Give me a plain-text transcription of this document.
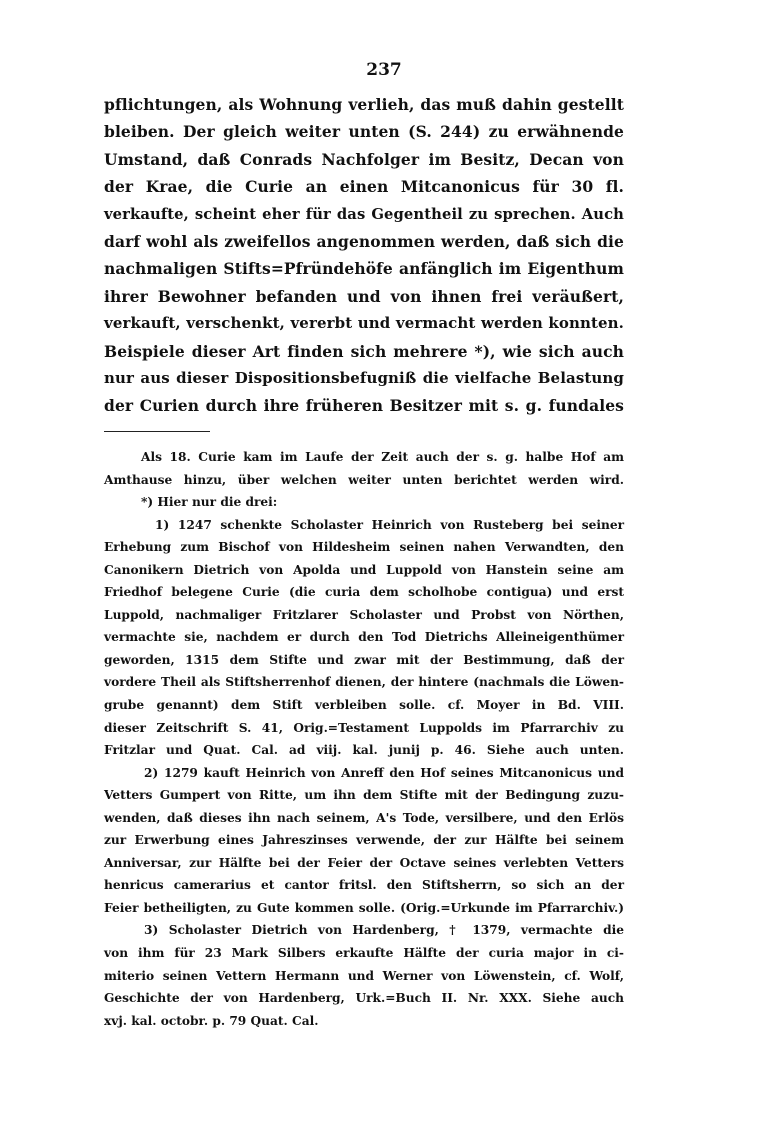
237
pflichtungen, als Wohnung verlieh, das muß dahin gestellt
bleiben. Der gleich weiter unten (S. 244) zu erwähnende
Umstand, daß Conrads Nachfolger im Besitz, Decan von
der Krae, die Curie an einen Mitcanonicus für 30 fl.
verkaufte, scheint eher für das Gegentheil zu sprechen. Auch
darf wohl als zweifellos angenommen werden, daß sich die
nachmaligen Stifts=Pfründehöfe anfänglich im Eigenthum
ihrer Bewohner befanden und von ihnen frei veräußert,
verkauft, verschenkt, vererbt und vermacht werden konnten.
Beispiele dieser Art finden sich mehrere *), wie sich auch
nur aus dieser Dispositionsbefugniß die vielfache Belastung
der Curien durch ihre früheren Besitzer mit s. g. fundales
Als 18. Curie kam im Laufe der Zeit auch der s. g. halbe Hof am
Amthause hinzu, über welchen weiter unten berichtet werden wird.
*) Hier nur die drei:
1) 1247 schenkte Scholaster Heinrich von Rusteberg bei seiner
Erhebung zum Bischof von Hildesheim seinen nahen Verwandten, den
Canonikern Dietrich von Apolda und Luppold von Hanstein seine am
Friedhof belegene Curie (die curia dem scholhobe contigua) und erst
Luppold, nachmaliger Fritzlarer Scholaster und Probst von Nörthen,
vermachte sie, nachdem er durch den Tod Dietrichs Alleineigenthümer
geworden, 1315 dem Stifte und zwar mit der Bestimmung, daß der
vordere Theil als Stiftsherrenhof dienen, der hintere (nachmals die Löwen-
grube genannt) dem Stift verbleiben solle. cf. Moyer in Bd. VIII.
dieser Zeitschrift S. 41, Orig.=Testament Luppolds im Pfarrarchiv zu
Fritzlar und Quat. Cal. ad viij. kal. junij p. 46. Siehe auch unten.
2) 1279 kauft Heinrich von Anreff den Hof seines Mitcanonicus und
Vetters Gumpert von Ritte, um ihn dem Stifte mit der Bedingung zuzu-
wenden, daß dieses ihn nach seinem, A's Tode, versilbere, und den Erlös
zur Erwerbung eines Jahreszinses verwende, der zur Hälfte bei seinem
Anniversar, zur Hälfte bei der Feier der Octave seines verlebten Vetters
henricus camerarius et cantor fritsl. den Stiftsherrn, so sich an der
Feier betheiligten, zu Gute kommen solle. (Orig.=Urkunde im Pfarrarchiv.)
3) Scholaster Dietrich von Hardenberg, † 1379, vermachte die
von ihm für 23 Mark Silbers erkaufte Hälfte der curia major in ci-
miterio seinen Vettern Hermann und Werner von Löwenstein, cf. Wolf,
Geschichte der von Hardenberg, Urk.=Buch II. Nr. XXX. Siehe auch
xvj. kal. octobr. p. 79 Quat. Cal.
